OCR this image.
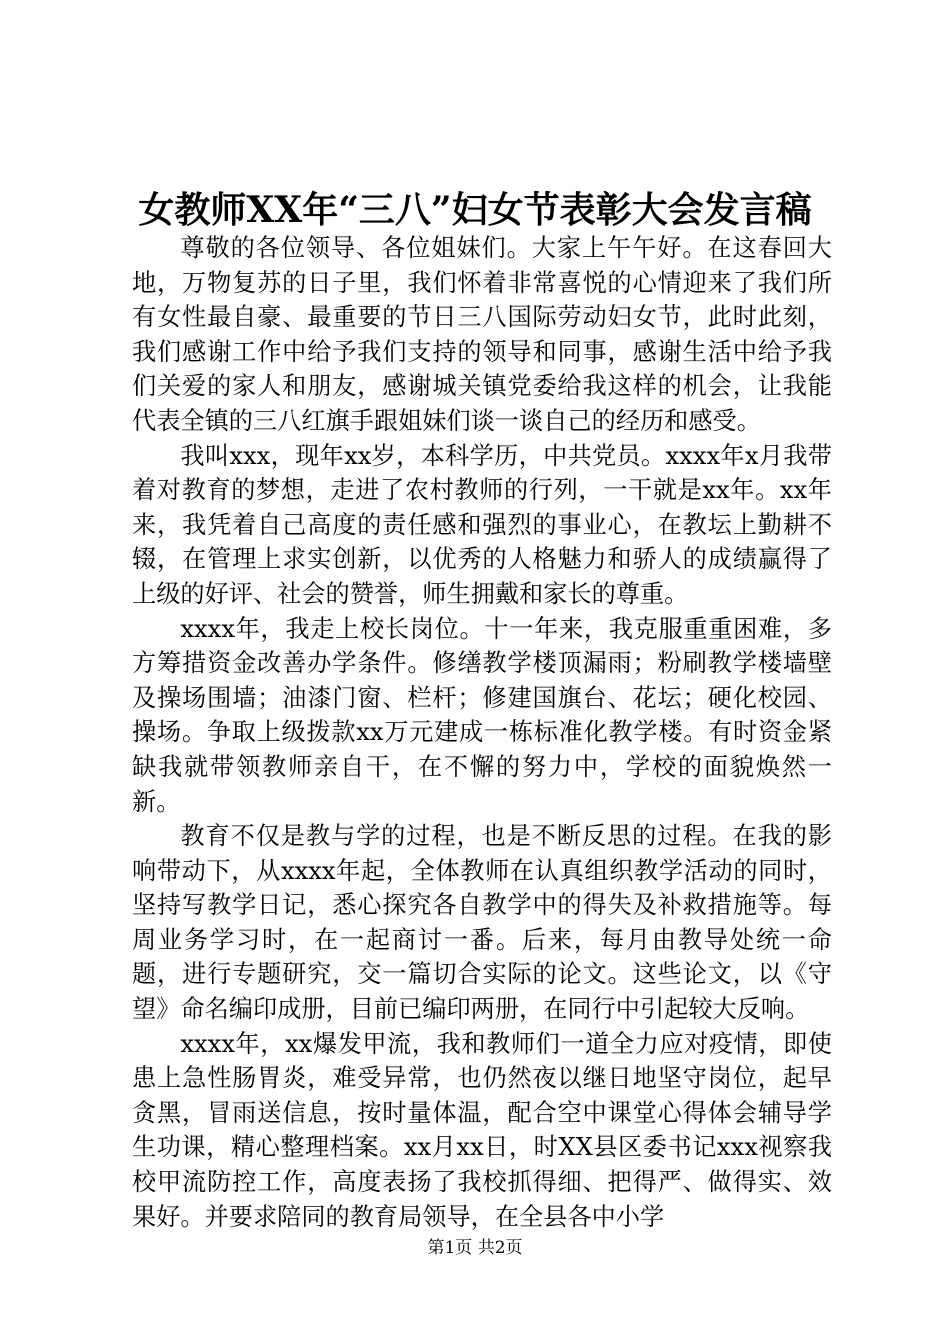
女教师XX年“三八”妇女节表彰大会发言稿

尊敬的各位领导、各位姐妹们。大家上午午好。在这春回大地，万物复苏的日子里，我们怀着非常喜悦的心情迎来了我们所有女性最自豪、最重要的节日三八国际劳动妇女节，此时此刻，我们感谢工作中给予我们支持的领导和同事，感谢生活中给予我们关爱的家人和朋友，感谢城关镇党委给我这样的机会，让我能代表全镇的三八红旗手跟姐妹们谈一谈自己的经历和感受。

我叫xxx，现年xx岁，本科学历，中共党员。xxxx年x月我带着对教育的梦想，走进了农村教师的行列，一干就是xx年。xx年来，我凭着自己高度的责任感和强烈的事业心，在教坛上勤耕不辍，在管理上求实创新，以优秀的人格魅力和骄人的成绩赢得了上级的好评、社会的赞誉，师生拥戴和家长的尊重。

xxxx年，我走上校长岗位。十一年来，我克服重重困难，多方筹措资金改善办学条件。修缮教学楼顶漏雨；粉刷教学楼墙壁及操场围墙；油漆门窗、栏杆；修建国旗台、花坛；硬化校园、操场。争取上级拨款xx万元建成一栋标准化教学楼。有时资金紧缺我就带领教师亲自干，在不懈的努力中，学校的面貌焕然一新。

教育不仅是教与学的过程，也是不断反思的过程。在我的影响带动下，从xxxx年起，全体教师在认真组织教学活动的同时，坚持写教学日记，悉心探究各自教学中的得失及补救措施等。每周业务学习时，在一起商讨一番。后来，每月由教导处统一命题，进行专题研究，交一篇切合实际的论文。这些论文，以《守望》命名编印成册，目前已编印两册，在同行中引起较大反响。

xxxx年，xx爆发甲流，我和教师们一道全力应对疫情，即使患上急性肠胃炎，难受异常，也仍然夜以继日地坚守岗位，起早贪黑，冒雨送信息，按时量体温，配合空中课堂心得体会辅导学生功课，精心整理档案。xx月xx日，时XX县区委书记xxx视察我校甲流防控工作，高度表扬了我校抓得细、把得严、做得实、效果好。并要求陪同的教育局领导，在全县各中小学

第1页 共2页
